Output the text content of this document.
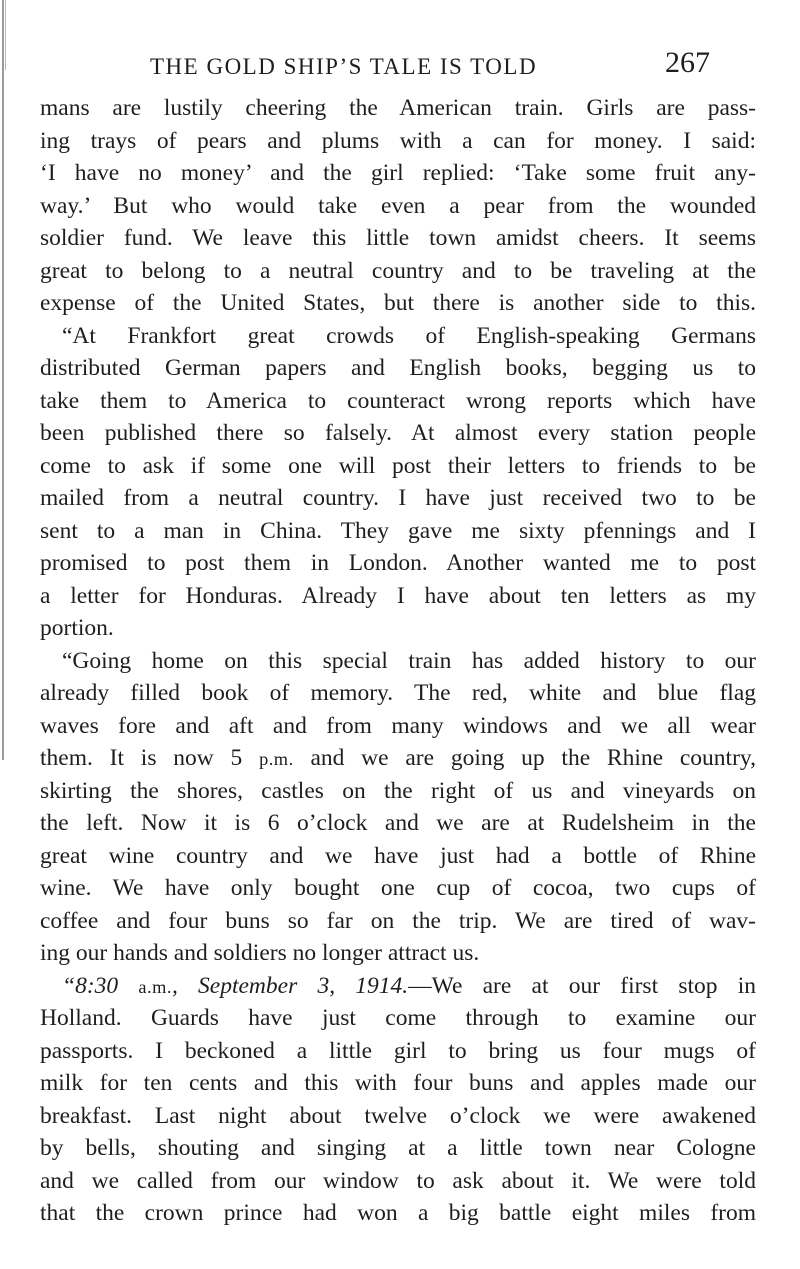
THE GOLD SHIP’S TALE IS TOLD	267
mans are lustily cheering the American train. Girls are pass-
ing trays of pears and plums with a can for money. I said:
‘I have no money’ and the girl replied: ‘Take some fruit any-
way.’ But who would take even a pear from the wounded
soldier fund. We leave this little town amidst cheers. It seems
great to belong to a neutral country and to be traveling at the
expense of the United States, but there is another side to this.
“At Frankfort great crowds of English-speaking Germans
distributed German papers and English books, begging us to
take them to America to counteract wrong reports which have
been published there so falsely. At almost every station people
come to ask if some one will post their letters to friends to be
mailed from a neutral country. I have just received two to be
sent to a man in China. They gave me sixty pfennings and I
promised to post them in London. Another wanted me to post
a letter for Honduras. Already I have about ten letters as my
portion.
“Going home on this special train has added history to our
already filled book of memory. The red, white and blue flag
waves fore and aft and from many windows and we all wear
them. It is now 5 p.m. and we are going up the Rhine country,
skirting the shores, castles on the right of us and vineyards on
the left. Now it is 6 o’clock and we are at Rudelsheim in the
great wine country and we have just had a bottle of Rhine
wine. We have only bought one cup of cocoa, two cups of
coffee and four buns so far on the trip. We are tired of wav-
ing our hands and soldiers no longer attract us.
“8:30 a.m., September 3, 1914.—We are at our first stop in
Holland. Guards have just come through to examine our
passports. I beckoned a little girl to bring us four mugs of
milk for ten cents and this with four buns and apples made our
breakfast. Last night about twelve o’clock we were awakened
by bells, shouting and singing at a little town near Cologne
and we called from our window to ask about it. We were told
that the crown prince had won a big battle eight miles from
